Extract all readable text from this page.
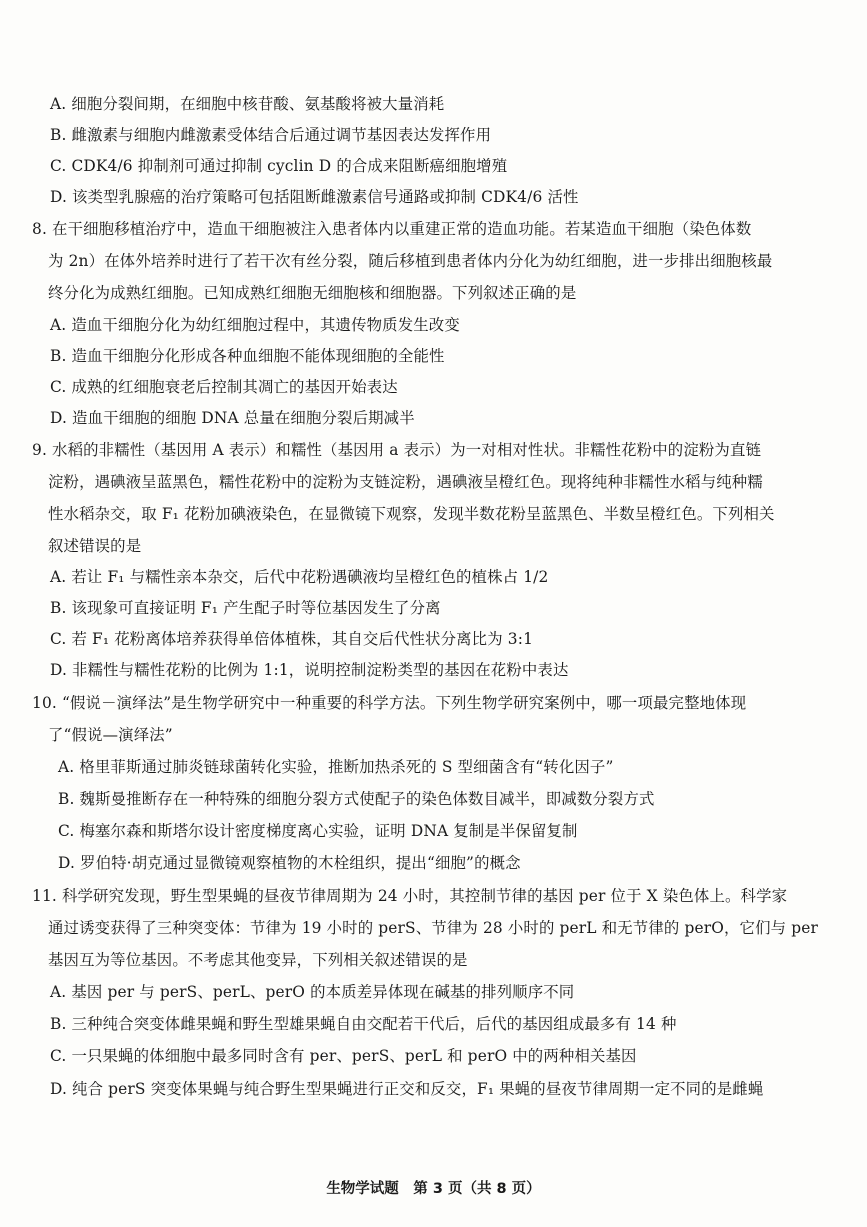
A. 细胞分裂间期，在细胞中核苷酸、氨基酸将被大量消耗
B. 雌激素与细胞内雌激素受体结合后通过调节基因表达发挥作用
C. CDK4/6 抑制剂可通过抑制 cyclin D 的合成来阻断癌细胞增殖
D. 该类型乳腺癌的治疗策略可包括阻断雌激素信号通路或抑制 CDK4/6 活性
8. 在干细胞移植治疗中，造血干细胞被注入患者体内以重建正常的造血功能。若某造血干细胞（染色体数
为 2n）在体外培养时进行了若干次有丝分裂，随后移植到患者体内分化为幼红细胞，进一步排出细胞核最
终分化为成熟红细胞。已知成熟红细胞无细胞核和细胞器。下列叙述正确的是
A. 造血干细胞分化为幼红细胞过程中，其遗传物质发生改变
B. 造血干细胞分化形成各种血细胞不能体现细胞的全能性
C. 成熟的红细胞衰老后控制其凋亡的基因开始表达
D. 造血干细胞的细胞 DNA 总量在细胞分裂后期减半
9. 水稻的非糯性（基因用 A 表示）和糯性（基因用 a 表示）为一对相对性状。非糯性花粉中的淀粉为直链
淀粉，遇碘液呈蓝黑色，糯性花粉中的淀粉为支链淀粉，遇碘液呈橙红色。现将纯种非糯性水稻与纯种糯
性水稻杂交，取 F₁ 花粉加碘液染色，在显微镜下观察，发现半数花粉呈蓝黑色、半数呈橙红色。下列相关
叙述错误的是
A. 若让 F₁ 与糯性亲本杂交，后代中花粉遇碘液均呈橙红色的植株占 1/2
B. 该现象可直接证明 F₁ 产生配子时等位基因发生了分离
C. 若 F₁ 花粉离体培养获得单倍体植株，其自交后代性状分离比为 3:1
D. 非糯性与糯性花粉的比例为 1:1，说明控制淀粉类型的基因在花粉中表达
10. “假说－演绎法”是生物学研究中一种重要的科学方法。下列生物学研究案例中，哪一项最完整地体现
了“假说—演绎法”
A. 格里菲斯通过肺炎链球菌转化实验，推断加热杀死的 S 型细菌含有“转化因子”
B. 魏斯曼推断存在一种特殊的细胞分裂方式使配子的染色体数目减半，即减数分裂方式
C. 梅塞尔森和斯塔尔设计密度梯度离心实验，证明 DNA 复制是半保留复制
D. 罗伯特·胡克通过显微镜观察植物的木栓组织，提出“细胞”的概念
11. 科学研究发现，野生型果蝇的昼夜节律周期为 24 小时，其控制节律的基因 per 位于 X 染色体上。科学家
通过诱变获得了三种突变体：节律为 19 小时的 perS、节律为 28 小时的 perL 和无节律的 perO，它们与 per
基因互为等位基因。不考虑其他变异，下列相关叙述错误的是
A. 基因 per 与 perS、perL、perO 的本质差异体现在碱基的排列顺序不同
B. 三种纯合突变体雌果蝇和野生型雄果蝇自由交配若干代后，后代的基因组成最多有 14 种
C. 一只果蝇的体细胞中最多同时含有 per、perS、perL 和 perO 中的两种相关基因
D. 纯合 perS 突变体果蝇与纯合野生型果蝇进行正交和反交，F₁ 果蝇的昼夜节律周期一定不同的是雌蝇
生物学试题　第 3 页（共 8 页）
